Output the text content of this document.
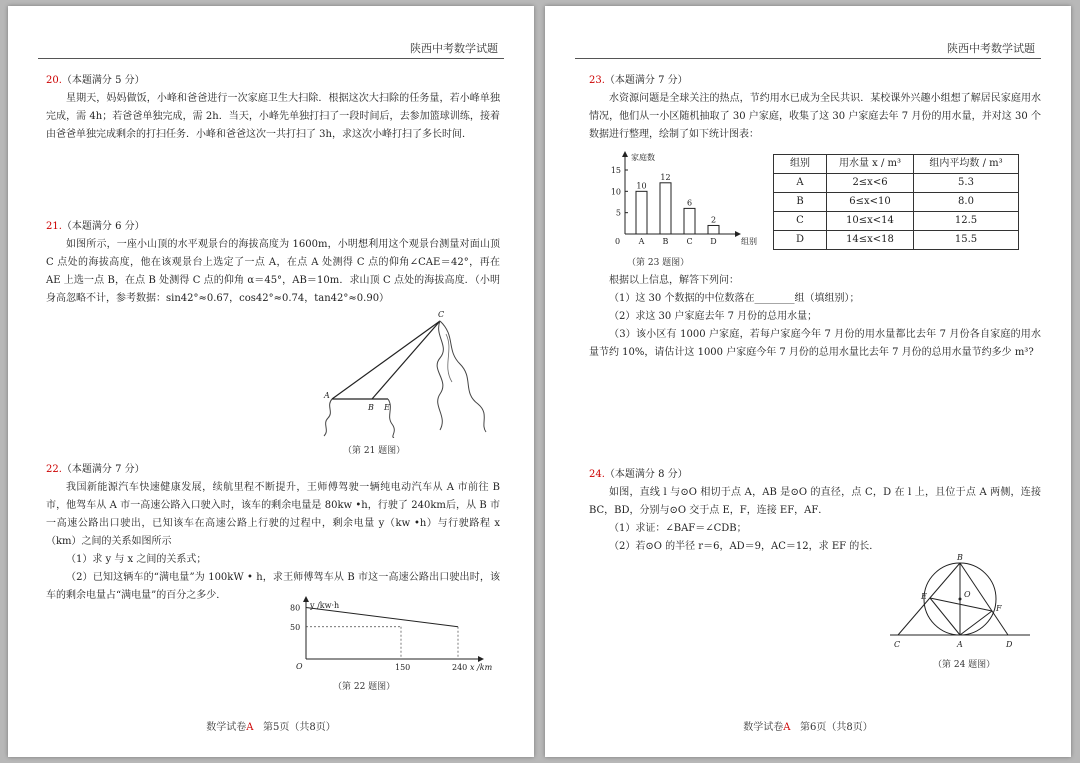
陕西中考数学试题
20.（本题满分 5 分）

星期天，妈妈做饭，小峰和爸爸进行一次家庭卫生大扫除．根据这次大扫除的任务量，若小峰单独完成，需 4h；若爸爸单独完成，需 2h．当天，小峰先单独打扫了一段时间后，去参加篮球训练，接着由爸爸单独完成剩余的打扫任务．小峰和爸爸这次一共打扫了 3h，求这次小峰打扫了多长时间．

21.（本题满分 6 分）

如图所示，一座小山顶的水平观景台的海拔高度为 1600m，小明想利用这个观景台测量对面山顶 C 点处的海拔高度，他在该观景台上选定了一点 A，在点 A 处测得 C 点的仰角∠CAE＝42°，再在 AE 上选一点 B，在点 B 处测得 C 点的仰角 α＝45°，AB＝10m．求山顶 C 点处的海拔高度．（小明身高忽略不计，参考数据：sin42°≈0.67，cos42°≈0.74，tan42°≈0.90）

C
A
B E
（第 21 题图）
22.（本题满分 7 分）

我国新能源汽车快速健康发展，续航里程不断提升，王师傅驾驶一辆纯电动汽车从 A 市前往 B 市，他驾车从 A 市一高速公路入口驶入时，该车的剩余电量是 80kw •h，行驶了 240km后，从 B 市一高速公路出口驶出，已知该车在高速公路上行驶的过程中，剩余电量 y（kw •h）与行驶路程 x（km）之间的关系如图所示

（1）求 y 与 x 之间的关系式；

（2）已知这辆车的“满电量”为 100kW • h，求王师傅驾车从 B 市这一高速公路出口驶出时，该车的剩余电量占“满电量”的百分之多少．

y /kw·h
x /km
O
80
50
150	240
（第 22 题图）
数学试卷A 第5页（共8页）
陕西中考数学试题
23.（本题满分 7 分）

水资源问题是全球关注的热点，节约用水已成为全民共识．某校课外兴趣小组想了解居民家庭用水情况，他们从一小区随机抽取了 30 户家庭，收集了这 30 户家庭去年 7 月份的用水量，并对这 30 个数据进行整理，绘制了如下统计图表：

10
A
12
B
6
C
2
D
5
10
15
家庭数
组别
0
组别	用水量 x / m³	组内平均数 / m³
A	2≤x<6	5.3
B	6≤x<10	8.0
C	10≤x<14	12.5
D	14≤x<18	15.5
（第 23 题图）

根据以上信息，解答下列问：

（1）这 30 个数据的中位数落在________组（填组别）；

（2）求这 30 户家庭去年 7 月份的总用水量；

（3）该小区有 1000 户家庭，若每户家庭今年 7 月份的用水量都比去年 7 月份各自家庭的用水量节约 10%，请估计这 1000 户家庭今年 7 月份的总用水量比去年 7 月份的总用水量节约多少 m³?

24.（本题满分 8 分）

如图，直线 l 与⊙O 相切于点 A，AB 是⊙O 的直径，点 C，D 在 l 上，且位于点 A 两侧，连接 BC，BD，分别与⊙O 交于点 E，F，连接 EF，AF．

（1）求证：∠BAF＝∠CDB；

（2）若⊙O 的半径 r＝6，AD＝9，AC＝12，求 EF 的长．

B
O
E
F
C	A	D
（第 24 题图）
数学试卷A 第6页（共8页）
